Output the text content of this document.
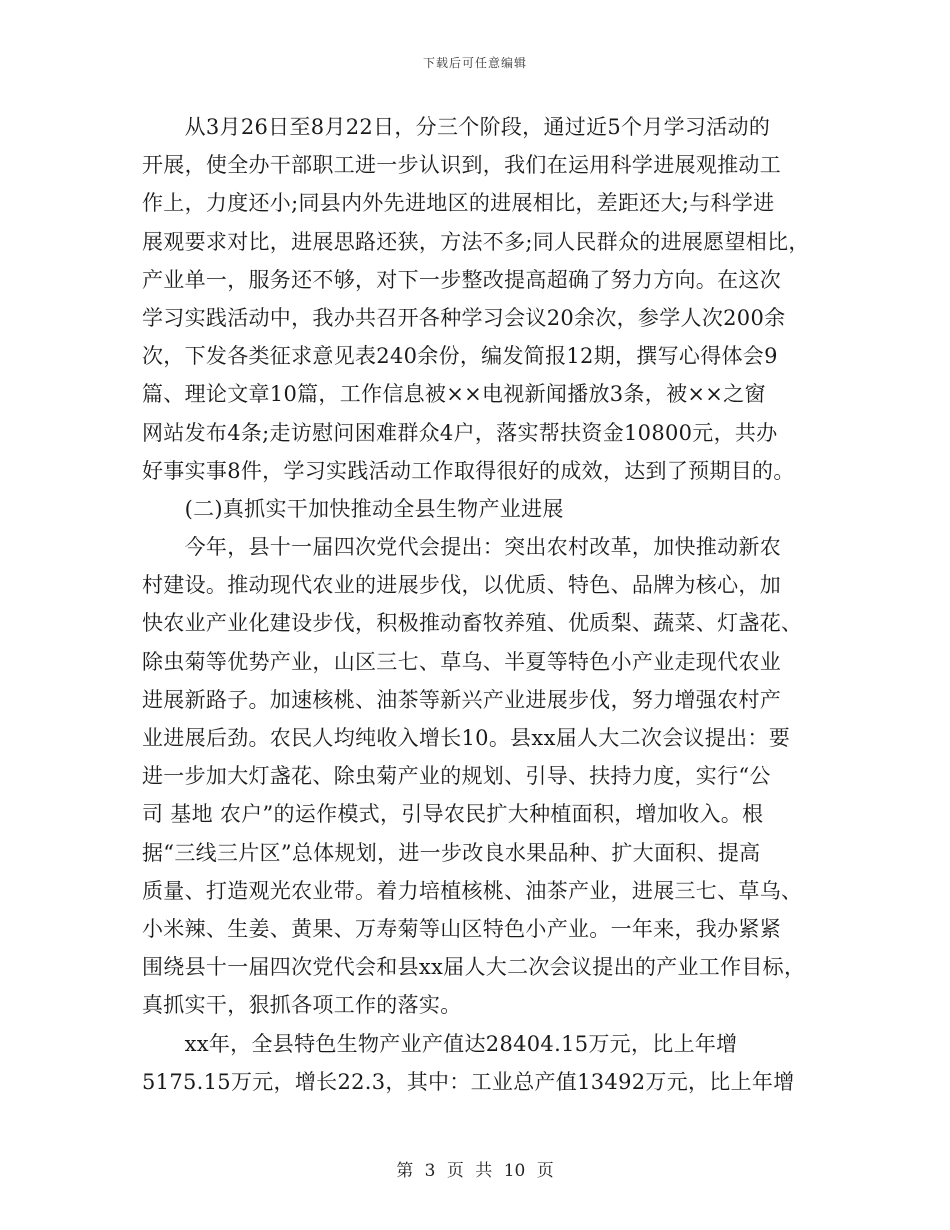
下载后可任意编辑
　　从3月26日至8月22日，分三个阶段，通过近5个月学习活动的
开展，使全办干部职工进一步认识到，我们在运用科学进展观推动工
作上，力度还小;同县内外先进地区的进展相比，差距还大;与科学进
展观要求对比，进展思路还狭，方法不多;同人民群众的进展愿望相比，
产业单一，服务还不够，对下一步整改提高超确了努力方向。在这次
学习实践活动中，我办共召开各种学习会议20余次，参学人次200余
次，下发各类征求意见表240余份，编发简报12期，撰写心得体会9
篇、理论文章10篇，工作信息被××电视新闻播放3条，被××之窗
网站发布4条;走访慰问困难群众4户，落实帮扶资金10800元，共办
好事实事8件，学习实践活动工作取得很好的成效，达到了预期目的。
　　(二)真抓实干加快推动全县生物产业进展
　　今年，县十一届四次党代会提出：突出农村改革，加快推动新农
村建设。推动现代农业的进展步伐，以优质、特色、品牌为核心，加
快农业产业化建设步伐，积极推动畜牧养殖、优质梨、蔬菜、灯盏花、
除虫菊等优势产业，山区三七、草乌、半夏等特色小产业走现代农业
进展新路子。加速核桃、油茶等新兴产业进展步伐，努力增强农村产
业进展后劲。农民人均纯收入增长10。县xx届人大二次会议提出：要
进一步加大灯盏花、除虫菊产业的规划、引导、扶持力度，实行“公
司 基地 农户”的运作模式，引导农民扩大种植面积，增加收入。根
据“三线三片区”总体规划，进一步改良水果品种、扩大面积、提高
质量、打造观光农业带。着力培植核桃、油茶产业，进展三七、草乌、
小米辣、生姜、黄果、万寿菊等山区特色小产业。一年来，我办紧紧
围绕县十一届四次党代会和县xx届人大二次会议提出的产业工作目标，
真抓实干，狠抓各项工作的落实。
　　xx年，全县特色生物产业产值达28404.15万元，比上年增
5175.15万元，增长22.3，其中：工业总产值13492万元，比上年增
第 3 页 共 10 页
